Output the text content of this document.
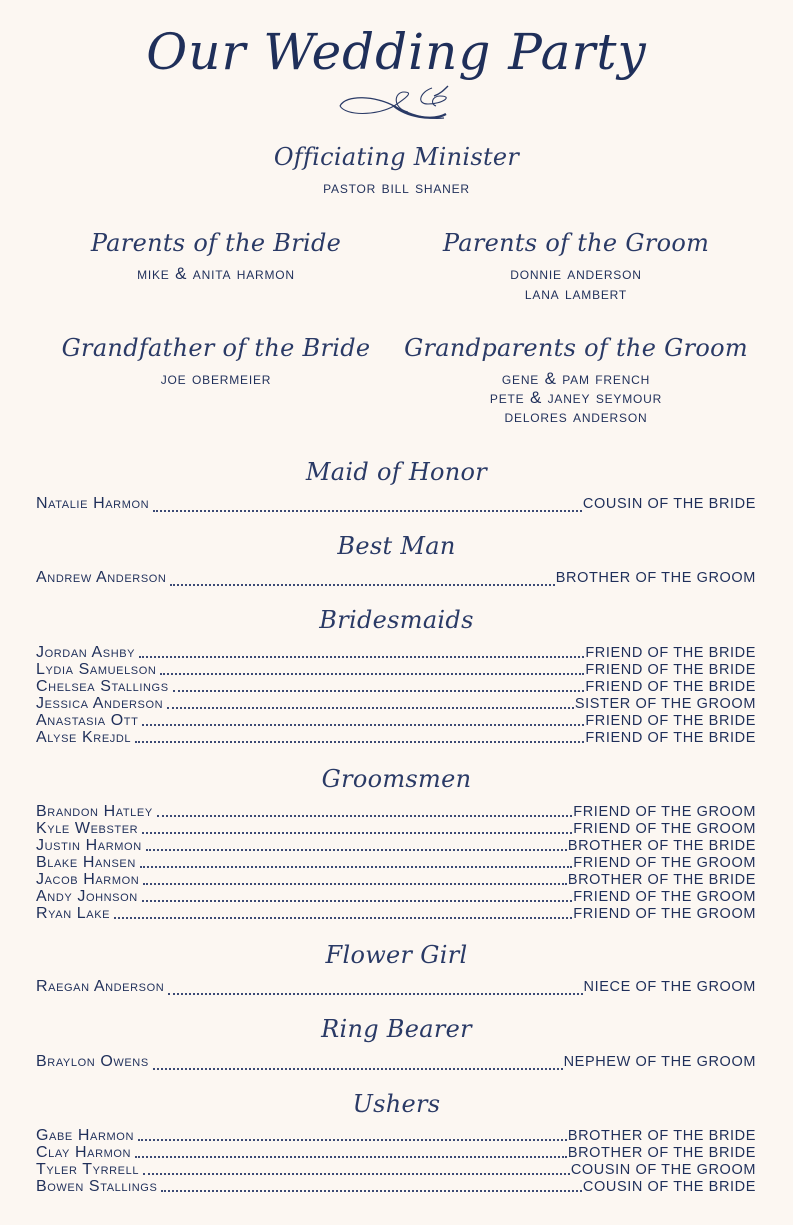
Our Wedding Party
Officiating Minister
pastor bill shaner
Parents of the Bride
mike & anita harmon
Parents of the Groom
donnie anderson
lana lambert
Grandfather of the Bride
joe obermeier
Grandparents of the Groom
gene & pam french
pete & janey seymour
delores anderson
Maid of Honor
Natalie Harmon	COUSIN OF THE BRIDE
Best Man
Andrew Anderson	BROTHER OF THE GROOM
Bridesmaids
Jordan Ashby	FRIEND OF THE BRIDE
Lydia Samuelson	FRIEND OF THE BRIDE
Chelsea Stallings	FRIEND OF THE BRIDE
Jessica Anderson	SISTER OF THE GROOM
Anastasia Ott	FRIEND OF THE BRIDE
Alyse Krejdl	FRIEND OF THE BRIDE
Groomsmen
Brandon Hatley	FRIEND OF THE GROOM
Kyle Webster	FRIEND OF THE GROOM
Justin Harmon	BROTHER OF THE BRIDE
Blake Hansen	FRIEND OF THE GROOM
Jacob Harmon	BROTHER OF THE BRIDE
Andy Johnson	FRIEND OF THE GROOM
Ryan Lake	FRIEND OF THE GROOM
Flower Girl
Raegan Anderson	NIECE OF THE GROOM
Ring Bearer
Braylon Owens	NEPHEW OF THE GROOM
Ushers
Gabe Harmon	BROTHER OF THE BRIDE
Clay Harmon	BROTHER OF THE BRIDE
Tyler Tyrrell	COUSIN OF THE GROOM
Bowen Stallings	COUSIN OF THE BRIDE
